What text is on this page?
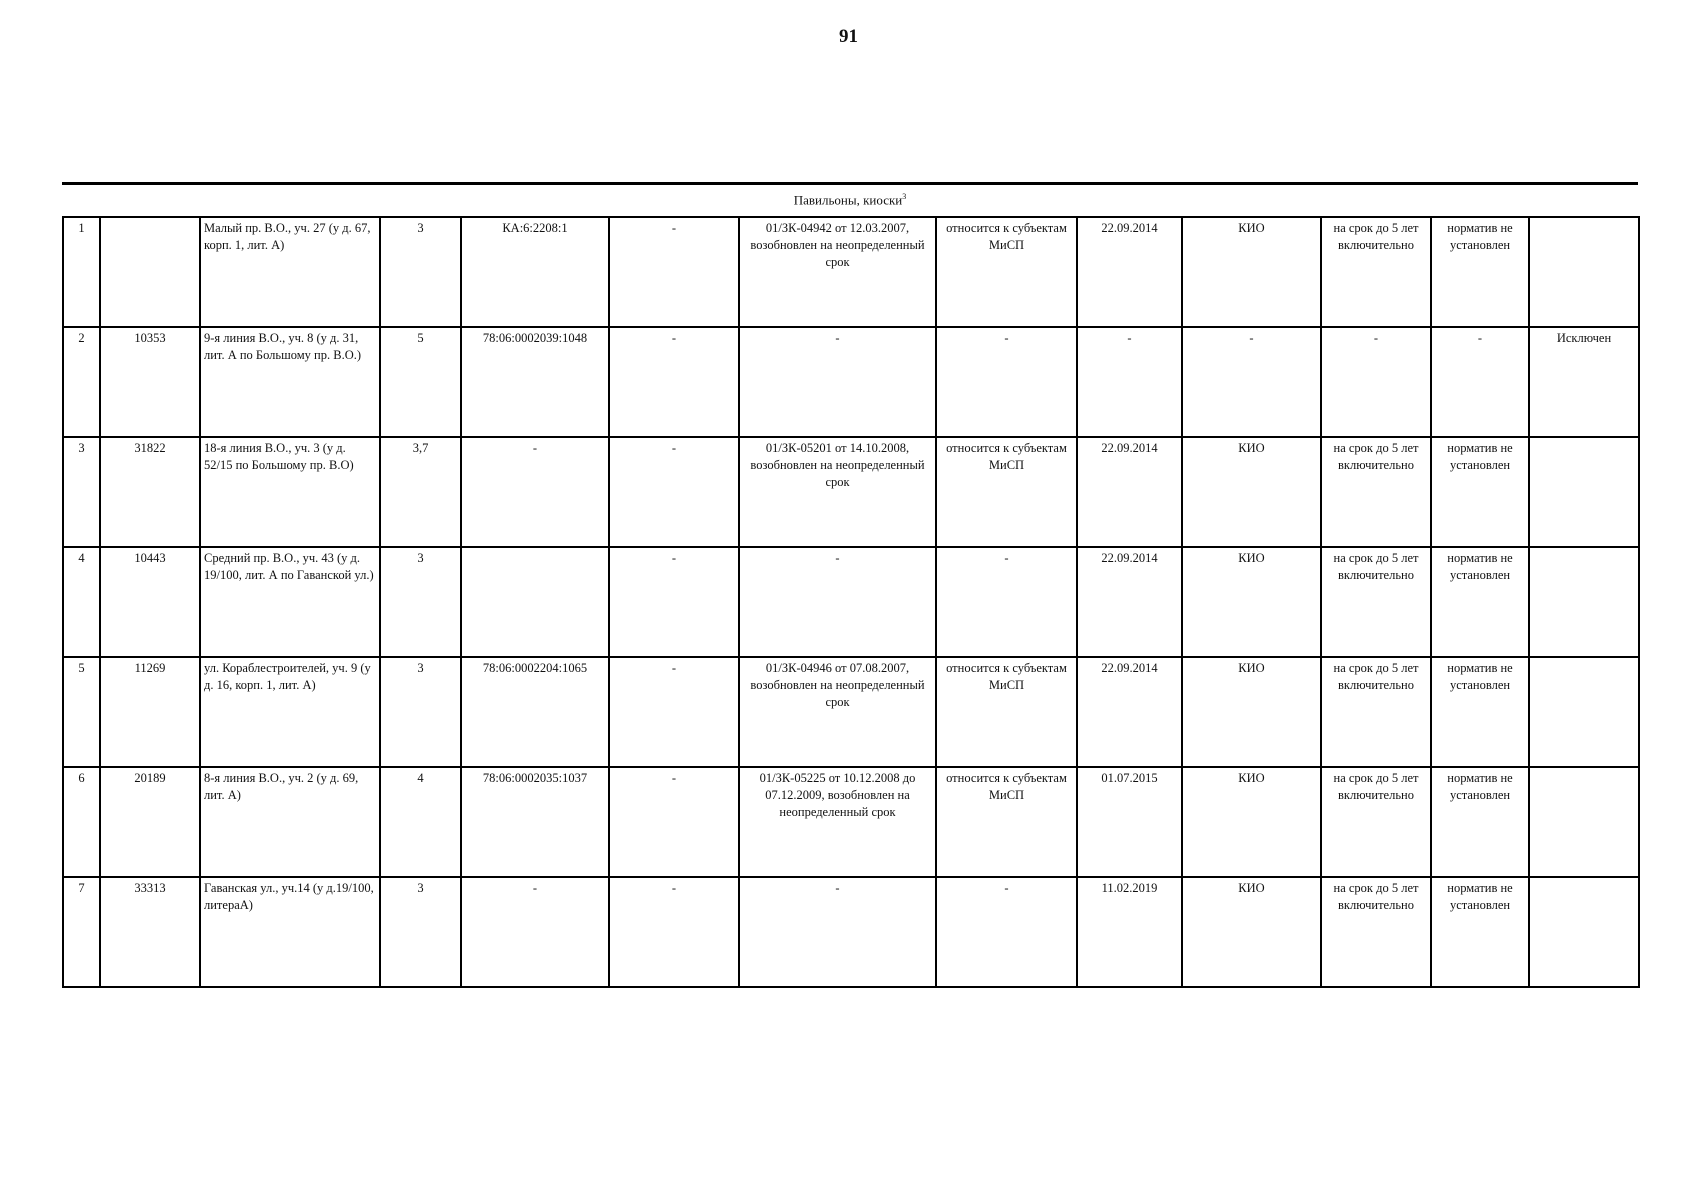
91
Павильоны, киоски$^3$
1		Малый пр. В.О., уч. 27 (у д. 67, корп. 1, лит. А)	3	КА:6:2208:1	-	01/ЗК-04942 от 12.03.2007, возобновлен на неопределенный срок	относится к субъектам МиСП	22.09.2014	КИО	на срок до 5 лет включительно	норматив не установлен	
2	10353	9-я линия В.О., уч. 8 (у д. 31, лит. А по Большому пр. В.О.)	5	78:06:0002039:1048	-	-	-	-	-	-	-	Исключен
3	31822	18-я линия В.О., уч. 3 (у д. 52/15 по Большому пр. В.О)	3,7	-	-	01/ЗК-05201 от 14.10.2008, возобновлен на неопределенный срок	относится к субъектам МиСП	22.09.2014	КИО	на срок до 5 лет включительно	норматив не установлен	
4	10443	Средний пр. В.О., уч. 43 (у д. 19/100, лит. А по Гаванской ул.)	3		-	-	-	22.09.2014	КИО	на срок до 5 лет включительно	норматив не установлен	
5	11269	ул. Кораблестроителей, уч. 9 (у д. 16, корп. 1, лит. А)	3	78:06:0002204:1065	-	01/ЗК-04946 от 07.08.2007, возобновлен на неопределенный срок	относится к субъектам МиСП	22.09.2014	КИО	на срок до 5 лет включительно	норматив не установлен	
6	20189	8-я линия В.О., уч. 2 (у д. 69, лит. А)	4	78:06:0002035:1037	-	01/ЗК-05225 от 10.12.2008 до 07.12.2009, возобновлен на неопределенный срок	относится к субъектам МиСП	01.07.2015	КИО	на срок до 5 лет включительно	норматив не установлен	
7	33313	Гаванская ул., уч.14 (у д.19/100, литераА)	3	-	-	-	-	11.02.2019	КИО	на срок до 5 лет включительно	норматив не установлен	
